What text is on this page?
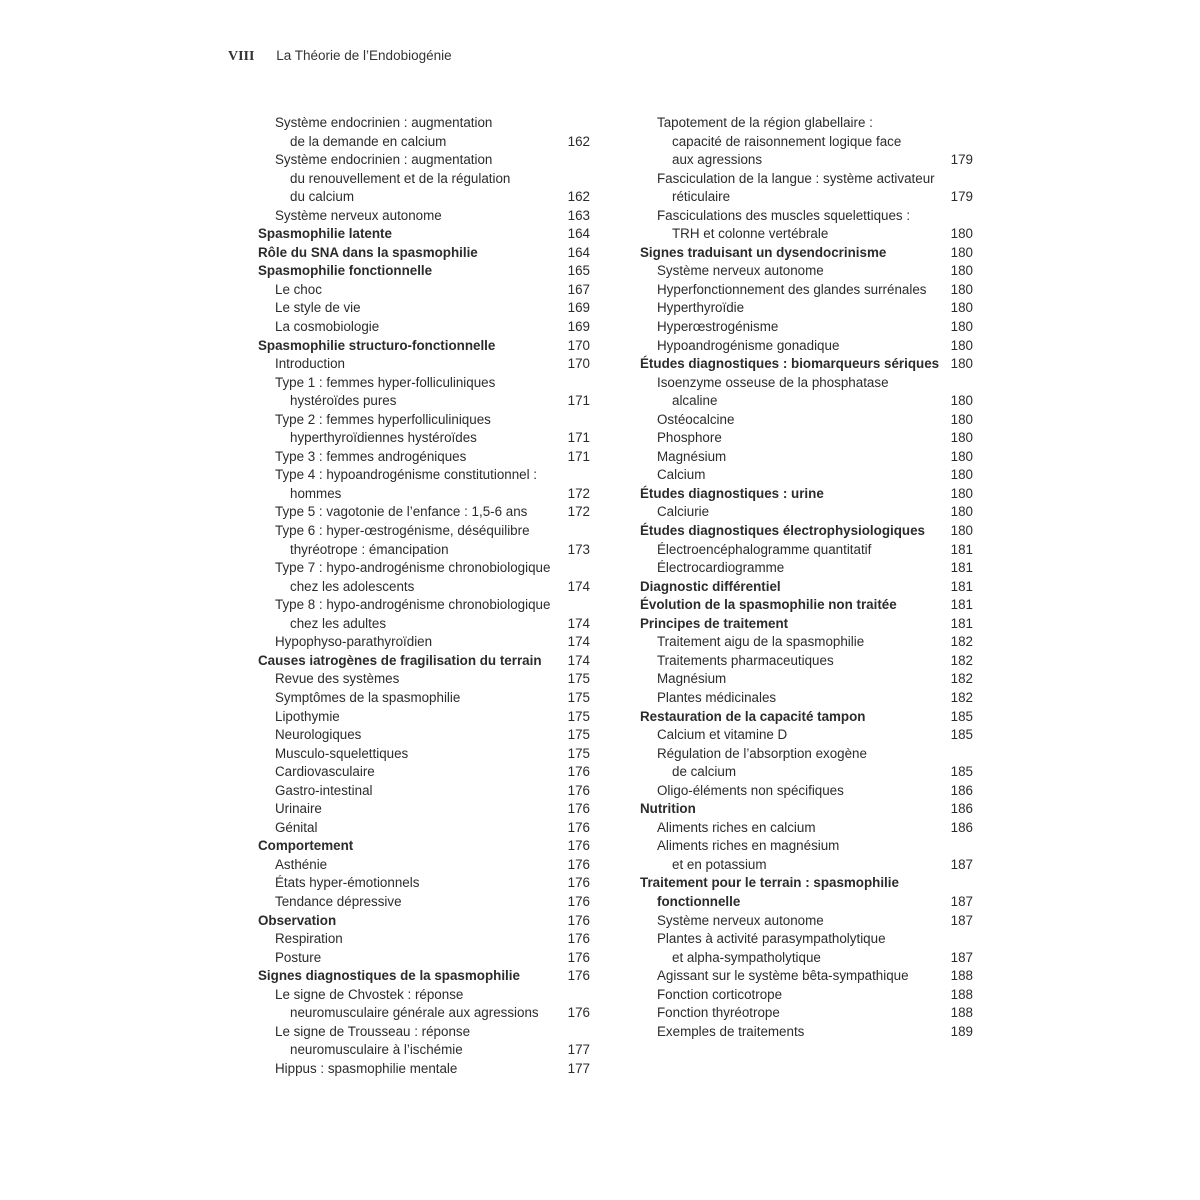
VIII La Théorie de l’Endobiogénie
Système endocrinien : augmentation
de la demande en calcium	162
Système endocrinien : augmentation
du renouvellement et de la régulation
du calcium	162
Système nerveux autonome	163
Spasmophilie latente	164
Rôle du SNA dans la spasmophilie	164
Spasmophilie fonctionnelle	165
Le choc	167
Le style de vie	169
La cosmobiologie	169
Spasmophilie structuro-fonctionnelle	170
Introduction	170
Type 1 : femmes hyper-folliculiniques
hystéroïdes pures	171
Type 2 : femmes hyperfolliculiniques
hyperthyroïdiennes hystéroïdes	171
Type 3 : femmes androgéniques	171
Type 4 : hypoandrogénisme constitutionnel :
hommes	172
Type 5 : vagotonie de l’enfance : 1,5-6 ans	172
Type 6 : hyper-œstrogénisme, déséquilibre
thyréotrope : émancipation	173
Type 7 : hypo-androgénisme chronobiologique
chez les adolescents	174
Type 8 : hypo-androgénisme chronobiologique
chez les adultes	174
Hypophyso-parathyroïdien	174
Causes iatrogènes de fragilisation du terrain 174
Revue des systèmes	175
Symptômes de la spasmophilie	175
Lipothymie	175
Neurologiques	175
Musculo-squelettiques	175
Cardiovasculaire	176
Gastro-intestinal	176
Urinaire	176
Génital	176
Comportement	176
Asthénie	176
États hyper-émotionnels	176
Tendance dépressive	176
Observation	176
Respiration	176
Posture	176
Signes diagnostiques de la spasmophilie	176
Le signe de Chvostek : réponse
neuromusculaire générale aux agressions 176
Le signe de Trousseau : réponse
neuromusculaire à l’ischémie	177
Hippus : spasmophilie mentale	177
Tapotement de la région glabellaire :
capacité de raisonnement logique face
aux agressions	179
Fasciculation de la langue : système activateur
réticulaire	179
Fasciculations des muscles squelettiques :
TRH et colonne vertébrale	180
Signes traduisant un dysendocrinisme	180
Système nerveux autonome	180
Hyperfonctionnement des glandes surrénales 180
Hyperthyroïdie	180
Hyperœstrogénisme	180
Hypoandrogénisme gonadique	180
Études diagnostiques : biomarqueurs sériques 180
Isoenzyme osseuse de la phosphatase
alcaline	180
Ostéocalcine	180
Phosphore	180
Magnésium	180
Calcium	180
Études diagnostiques : urine	180
Calciurie	180
Études diagnostiques électrophysiologiques 180
Électroencéphalogramme quantitatif	181
Électrocardiogramme	181
Diagnostic différentiel	181
Évolution de la spasmophilie non traitée	181
Principes de traitement	181
Traitement aigu de la spasmophilie	182
Traitements pharmaceutiques	182
Magnésium	182
Plantes médicinales	182
Restauration de la capacité tampon	185
Calcium et vitamine D	185
Régulation de l’absorption exogène
de calcium	185
Oligo-éléments non spécifiques	186
Nutrition	186
Aliments riches en calcium	186
Aliments riches en magnésium
et en potassium	187
Traitement pour le terrain : spasmophilie
fonctionnelle	187
Système nerveux autonome	187
Plantes à activité parasympatholytique
et alpha-sympatholytique	187
Agissant sur le système bêta-sympathique	188
Fonction corticotrope	188
Fonction thyréotrope	188
Exemples de traitements	189
